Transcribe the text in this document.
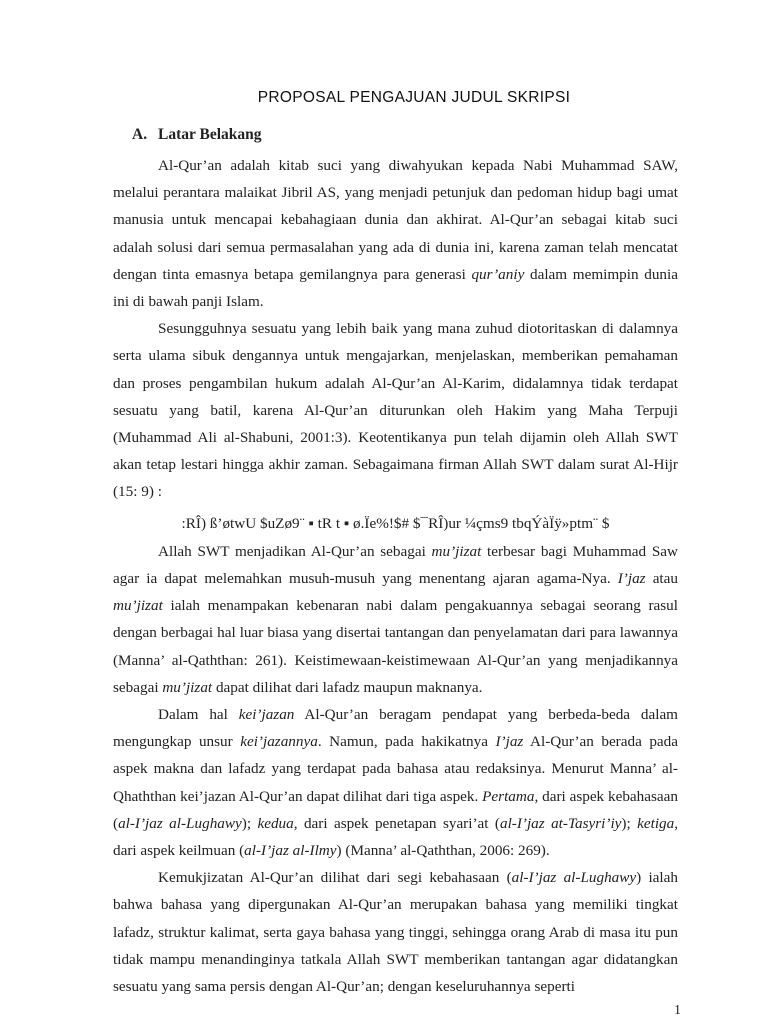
PROPOSAL PENGAJUAN JUDUL SKRIPSI
A. Latar Belakang

Al-Qur’an adalah kitab suci yang diwahyukan kepada Nabi Muhammad SAW, melalui perantara malaikat Jibril AS, yang menjadi petunjuk dan pedoman hidup bagi umat manusia untuk mencapai kebahagiaan dunia dan akhirat. Al-Qur’an sebagai kitab suci adalah solusi dari semua permasalahan yang ada di dunia ini, karena zaman telah mencatat dengan tinta emasnya betapa gemilangnya para generasi qur’aniy dalam memimpin dunia ini di bawah panji Islam.

Sesungguhnya sesuatu yang lebih baik yang mana zuhud diotoritaskan di dalamnya serta ulama sibuk dengannya untuk mengajarkan, menjelaskan, memberikan pemahaman dan proses pengambilan hukum adalah Al-Qur’an Al-Karim, didalamnya tidak terdapat sesuatu yang batil, karena Al-Qur’an diturunkan oleh Hakim yang Maha Terpuji (Muhammad Ali al-Shabuni, 2001:3). Keotentikanya pun telah dijamin oleh Allah SWT akan tetap lestari hingga akhir zaman. Sebagaimana firman Allah SWT dalam surat Al-Hijr (15: 9) :

:RÎ) ß’øtwU $uZø9¨ ▪ tR t ▪ ø.Ïe%!$# $¯RÎ)ur ¼çms9 tbqÝàÏÿ»ptm¨ $

Allah SWT menjadikan Al-Qur’an sebagai mu’jizat terbesar bagi Muhammad Saw agar ia dapat melemahkan musuh-musuh yang menentang ajaran agama-Nya. I’jaz atau mu’jizat ialah menampakan kebenaran nabi dalam pengakuannya sebagai seorang rasul dengan berbagai hal luar biasa yang disertai tantangan dan penyelamatan dari para lawannya (Manna’ al-Qaththan: 261). Keistimewaan-keistimewaan Al-Qur’an yang menjadikannya sebagai mu’jizat dapat dilihat dari lafadz maupun maknanya.

Dalam hal kei’jazan Al-Qur’an beragam pendapat yang berbeda-beda dalam mengungkap unsur kei’jazannya. Namun, pada hakikatnya I’jaz Al-Qur’an berada pada aspek makna dan lafadz yang terdapat pada bahasa atau redaksinya. Menurut Manna’ al-Qhaththan kei’jazan Al-Qur’an dapat dilihat dari tiga aspek. Pertama, dari aspek kebahasaan (al-I’jaz al-Lughawy); kedua, dari aspek penetapan syari’at (al-I’jaz at-Tasyri’iy); ketiga, dari aspek keilmuan (al-I’jaz al-Ilmy) (Manna’ al-Qaththan, 2006: 269).

Kemukjizatan Al-Qur’an dilihat dari segi kebahasaan (al-I’jaz al-Lughawy) ialah bahwa bahasa yang dipergunakan Al-Qur’an merupakan bahasa yang memiliki tingkat lafadz, struktur kalimat, serta gaya bahasa yang tinggi, sehingga orang Arab di masa itu pun tidak mampu menandinginya tatkala Allah SWT memberikan tantangan agar didatangkan sesuatu yang sama persis dengan Al-Qur’an; dengan keseluruhannya seperti

1
